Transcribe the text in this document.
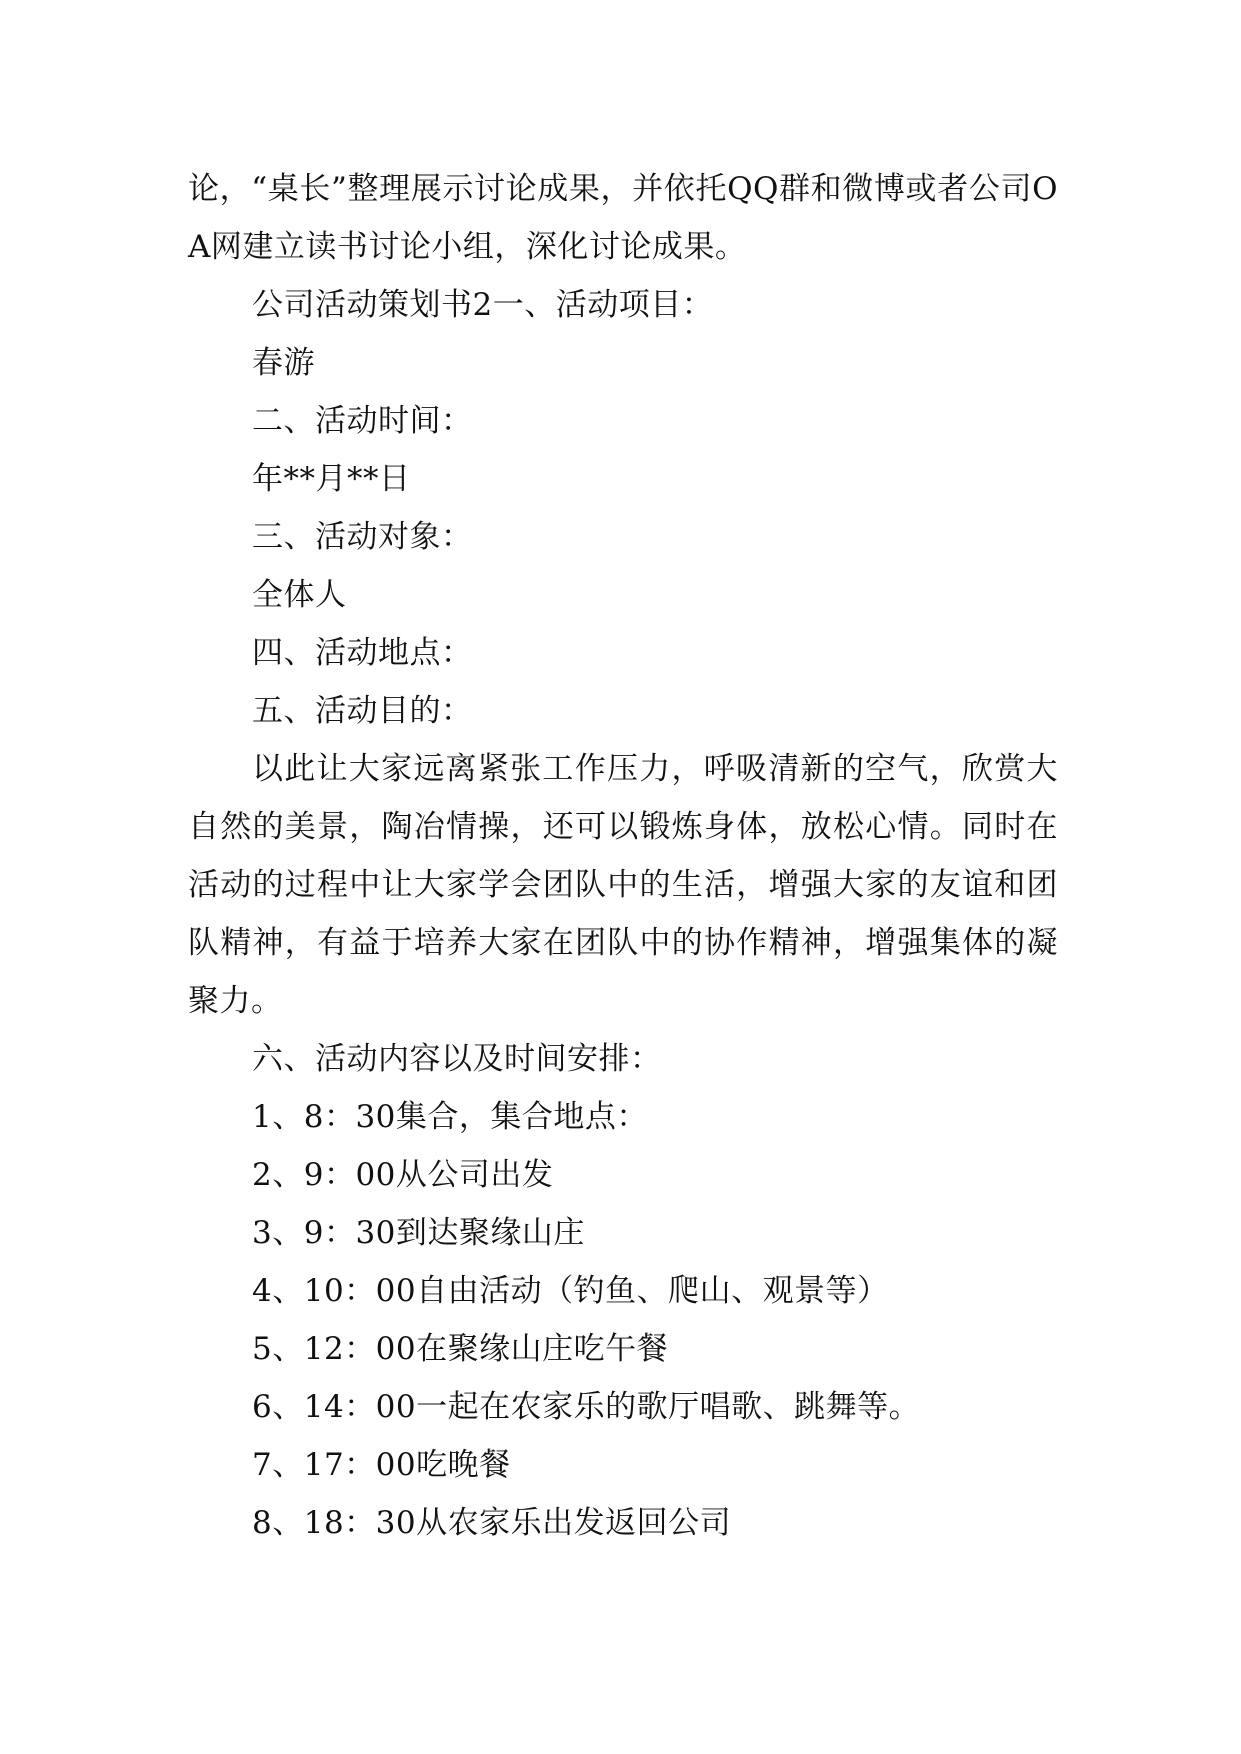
论，“桌长”整理展示讨论成果，并依托QQ群和微博或者公司OA网建立读书讨论小组，深化讨论成果。

公司活动策划书2一、活动项目：

春游

二、活动时间：

年**月**日

三、活动对象：

全体人

四、活动地点：

五、活动目的：

以此让大家远离紧张工作压力，呼吸清新的空气，欣赏大自然的美景，陶冶情操，还可以锻炼身体，放松心情。同时在活动的过程中让大家学会团队中的生活，增强大家的友谊和团队精神，有益于培养大家在团队中的协作精神，增强集体的凝聚力。

六、活动内容以及时间安排：

1、8：30集合，集合地点：

2、9：00从公司出发

3、9：30到达聚缘山庄

4、10：00自由活动（钓鱼、爬山、观景等）

5、12：00在聚缘山庄吃午餐

6、14：00一起在农家乐的歌厅唱歌、跳舞等。

7、17：00吃晚餐

8、18：30从农家乐出发返回公司
